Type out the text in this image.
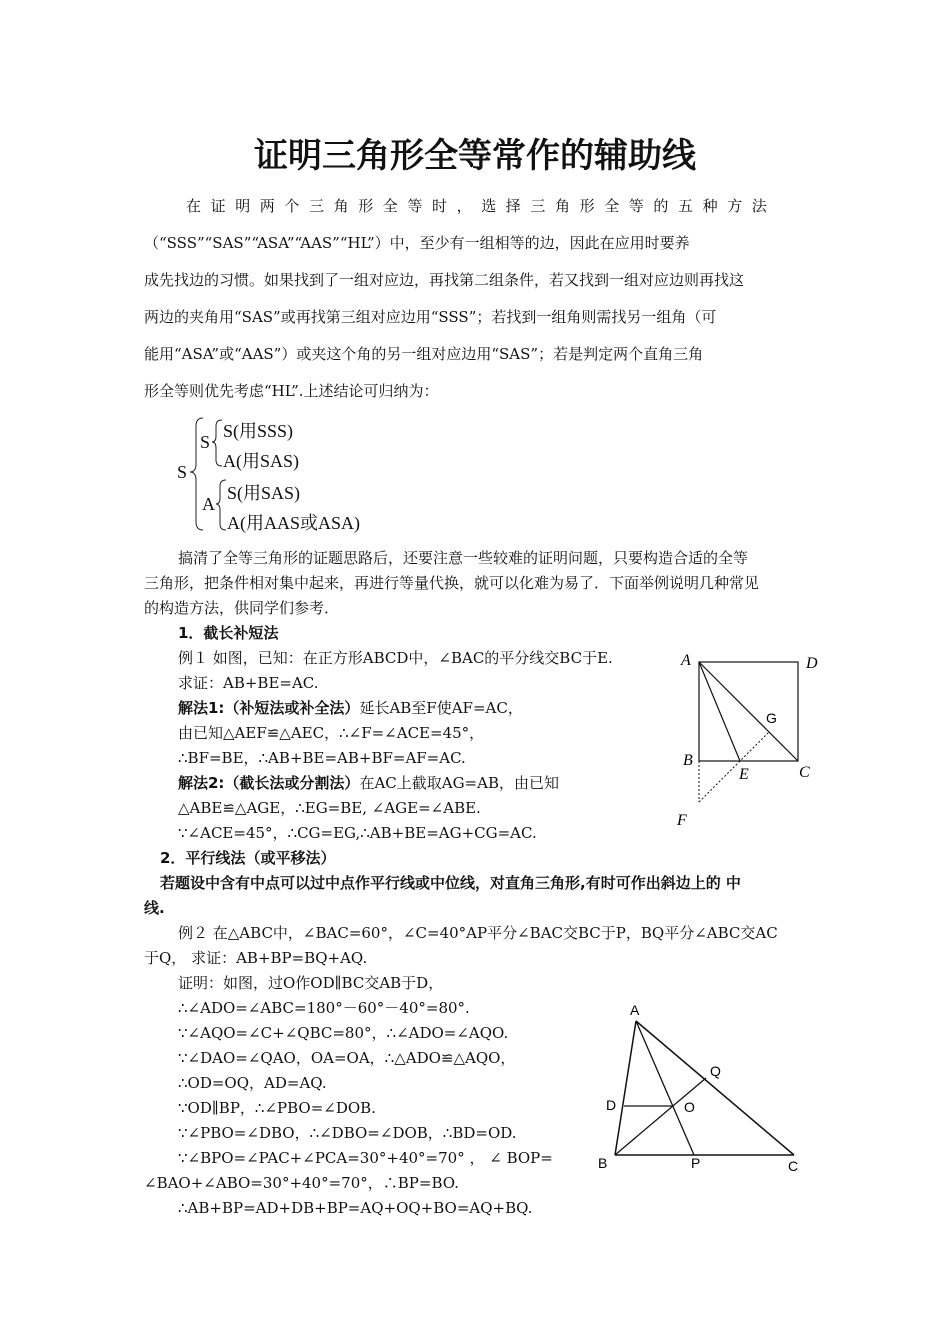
证明三角形全等常作的辅助线
在证明两个三角形全等时，选择三角形全等的五种方法
（“SSS”“SAS”“ASA”“AAS”“HL”）中，至少有一组相等的边，因此在应用时要养
成先找边的习惯。如果找到了一组对应边，再找第二组条件，若又找到一组对应边则再找这
两边的夹角用“SAS”或再找第三组对应边用“SSS”；若找到一组角则需找另一组角（可
能用“ASA”或“AAS”）或夹这个角的另一组对应边用“SAS”；若是判定两个直角三角
形全等则优先考虑“HL”.上述结论可归纳为：
S
S
A
S(用SSS)
A(用SAS)
S(用SAS)
A(用AAS或ASA)
搞清了全等三角形的证题思路后，还要注意一些较难的证明问题，只要构造合适的全等
三角形，把条件相对集中起来，再进行等量代换，就可以化难为易了．下面举例说明几种常见
的构造方法，供同学们参考．
1．截长补短法
例１ 如图，已知：在正方形ABCD中，∠BAC的平分线交BC于E.
求证：AB+BE=AC.
解法1:（补短法或补全法）延长AB至F使AF=AC，
由已知△AEF≌△AEC，∴∠F=∠ACE=45°，
∴BF=BE，∴AB+BE=AB+BF=AF=AC.
解法2:（截长法或分割法）在AC上截取AG=AB，由已知
△ABE≌△AGE，∴EG=BE, ∠AGE=∠ABE.
∵∠ACE=45°，∴CG=EG,∴AB+BE=AG+CG=AC.
A	D
B
C
E
G
F
2．平行线法（或平移法）
若题设中含有中点可以过中点作平行线或中位线，对直角三角形,有时可作出斜边上的 中
线.
例２ 在△ABC中，∠BAC=60°，∠C=40°AP平分∠BAC交BC于P，BQ平分∠ABC交AC
于Q， 求证：AB+BP=BQ+AQ.
证明：如图，过O作OD∥BC交AB于D，
∴∠ADO=∠ABC=180°－60°－40°=80°.
∵∠AQO=∠C+∠QBC=80°，∴∠ADO=∠AQO.
∵∠DAO=∠QAO，OA=OA，∴△ADO≌△AQO，
∴OD=OQ，AD=AQ.
∵OD∥BP，∴∠PBO=∠DOB.
∵∠PBO=∠DBO，∴∠DBO=∠DOB，∴BD=OD.
∵∠BPO=∠PAC+∠PCA=30°+40°=70° ， ∠ BOP=
∠BAO+∠ABO=30°+40°=70°，∴BP=BO.
∴AB+BP=AD+DB+BP=AQ+OQ+BO=AQ+BQ.
A
Q
D	O
B	P	C
